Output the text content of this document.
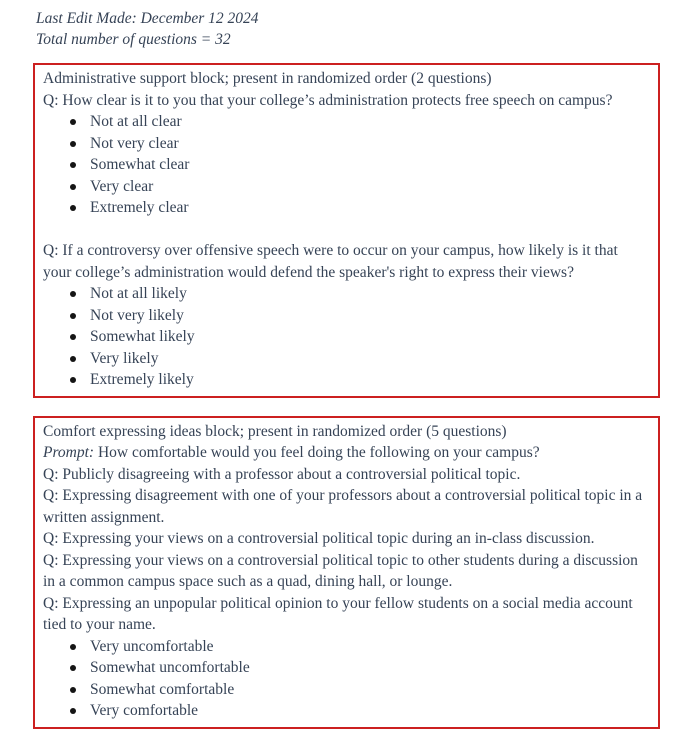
Last Edit Made: December 12 2024
Total number of questions = 32

Administrative support block; present in randomized order (2 questions)

Q: How clear is it to you that your college’s administration protects free speech on campus?

Not at all clear
Not very clear
Somewhat clear
Very clear
Extremely clear

Q: If a controversy over offensive speech were to occur on your campus, how likely is it that your college’s administration would defend the speaker's right to express their views?

Not at all likely
Not very likely
Somewhat likely
Very likely
Extremely likely

Comfort expressing ideas block; present in randomized order (5 questions)

Prompt: How comfortable would you feel doing the following on your campus?

Q: Publicly disagreeing with a professor about a controversial political topic.

Q: Expressing disagreement with one of your professors about a controversial political topic in a written assignment.

Q: Expressing your views on a controversial political topic during an in-class discussion.

Q: Expressing your views on a controversial political topic to other students during a discussion in a common campus space such as a quad, dining hall, or lounge.

Q: Expressing an unpopular political opinion to your fellow students on a social media account tied to your name.

Very uncomfortable
Somewhat uncomfortable
Somewhat comfortable
Very comfortable
